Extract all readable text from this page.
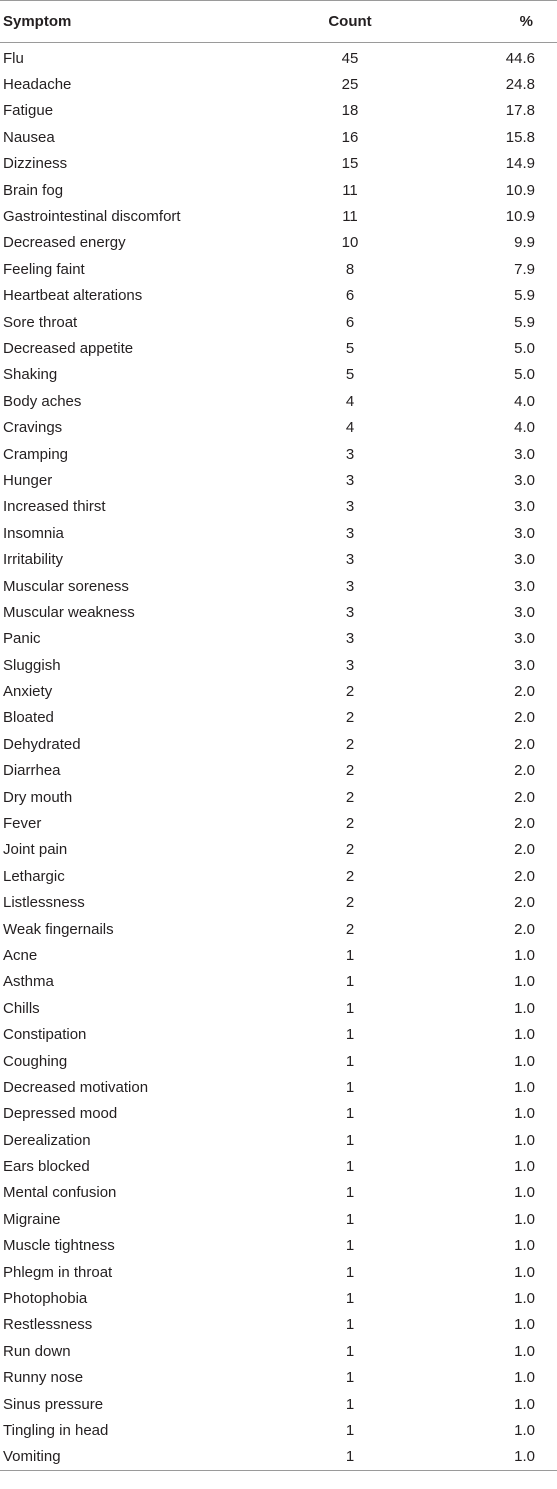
Symptom	Count	%
Flu	45	44.6
Headache	25	24.8
Fatigue	18	17.8
Nausea	16	15.8
Dizziness	15	14.9
Brain fog	11	10.9
Gastrointestinal discomfort	11	10.9
Decreased energy	10	9.9
Feeling faint	8	7.9
Heartbeat alterations	6	5.9
Sore throat	6	5.9
Decreased appetite	5	5.0
Shaking	5	5.0
Body aches	4	4.0
Cravings	4	4.0
Cramping	3	3.0
Hunger	3	3.0
Increased thirst	3	3.0
Insomnia	3	3.0
Irritability	3	3.0
Muscular soreness	3	3.0
Muscular weakness	3	3.0
Panic	3	3.0
Sluggish	3	3.0
Anxiety	2	2.0
Bloated	2	2.0
Dehydrated	2	2.0
Diarrhea	2	2.0
Dry mouth	2	2.0
Fever	2	2.0
Joint pain	2	2.0
Lethargic	2	2.0
Listlessness	2	2.0
Weak fingernails	2	2.0
Acne	1	1.0
Asthma	1	1.0
Chills	1	1.0
Constipation	1	1.0
Coughing	1	1.0
Decreased motivation	1	1.0
Depressed mood	1	1.0
Derealization	1	1.0
Ears blocked	1	1.0
Mental confusion	1	1.0
Migraine	1	1.0
Muscle tightness	1	1.0
Phlegm in throat	1	1.0
Photophobia	1	1.0
Restlessness	1	1.0
Run down	1	1.0
Runny nose	1	1.0
Sinus pressure	1	1.0
Tingling in head	1	1.0
Vomiting	1	1.0
